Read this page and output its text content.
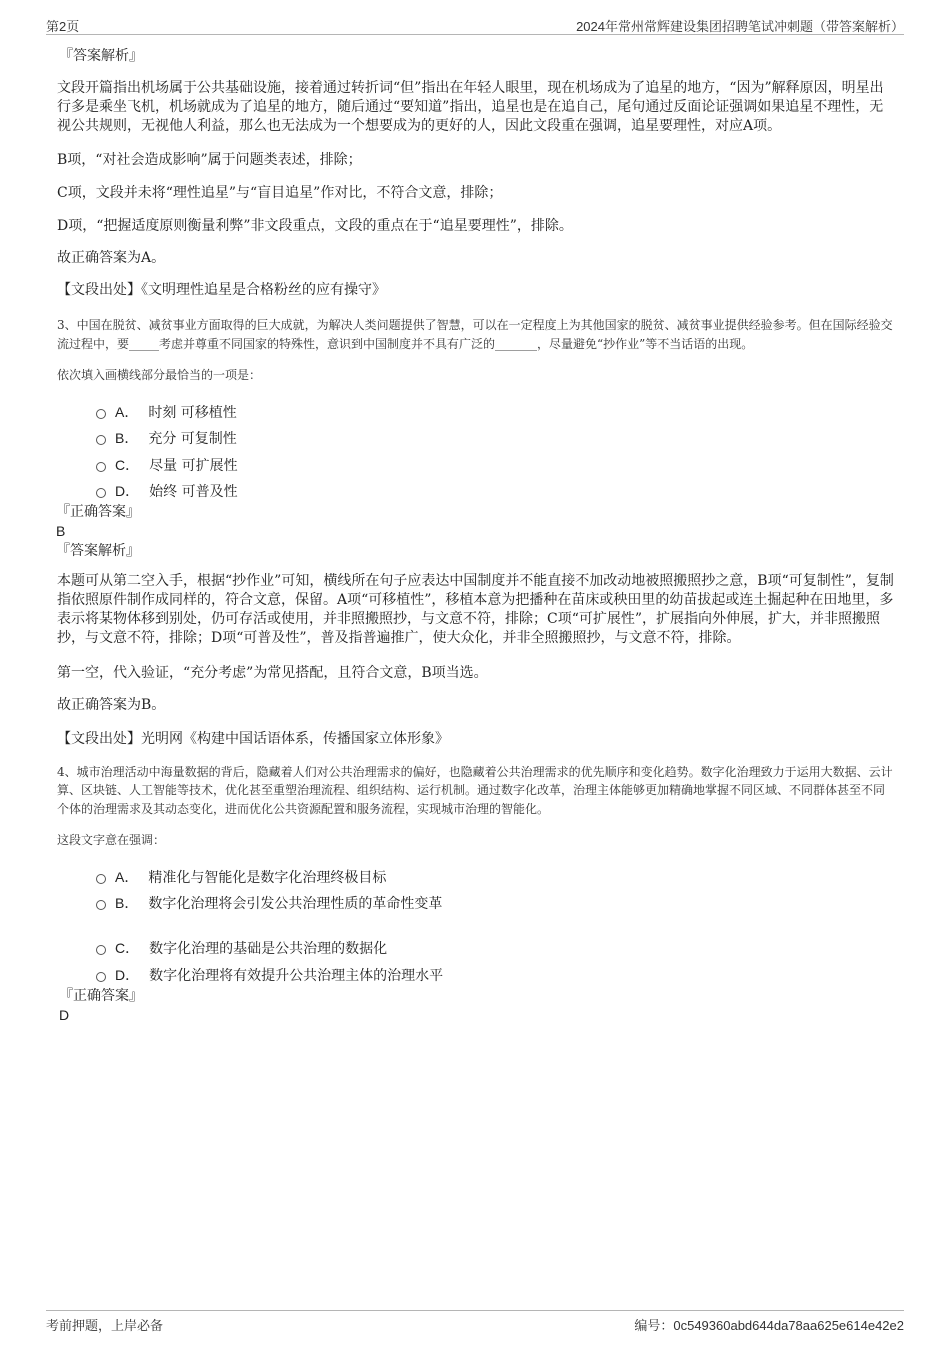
第2页	2024年常州常辉建设集团招聘笔试冲刺题（带答案解析）
『答案解析』
文段开篇指出机场属于公共基础设施，接着通过转折词“但”指出在年轻人眼里，现在机场成为了追星的地方，“因为”解释原因，明星出行多是乘坐飞机，机场就成为了追星的地方，随后通过“要知道”指出，追星也是在追自己，尾句通过反面论证强调如果追星不理性，无视公共规则，无视他人利益，那么也无法成为一个想要成为的更好的人，因此文段重在强调，追星要理性，对应A项。
B项，“对社会造成影响”属于问题类表述，排除；
C项，文段并未将“理性追星”与“盲目追星”作对比，不符合文意，排除；
D项，“把握适度原则衡量利弊”非文段重点，文段的重点在于“追星要理性”，排除。
故正确答案为A。
【文段出处】《文明理性追星是合格粉丝的应有操守》
3、中国在脱贫、减贫事业方面取得的巨大成就，为解决人类问题提供了智慧，可以在一定程度上为其他国家的脱贫、减贫事业提供经验参考。但在国际经验交流过程中，要_____考虑并尊重不同国家的特殊性，意识到中国制度并不具有广泛的_______，尽量避免“抄作业”等不当话语的出现。
依次填入画横线部分最恰当的一项是：
A． 时刻 可移植性
B． 充分 可复制性
C． 尽量 可扩展性
D． 始终 可普及性
『正确答案』
B
『答案解析』
本题可从第二空入手，根据“抄作业”可知，横线所在句子应表达中国制度并不能直接不加改动地被照搬照抄之意，B项“可复制性”，复制指依照原件制作成同样的，符合文意，保留。A项“可移植性”，移植本意为把播种在苗床或秧田里的幼苗拔起或连土掘起种在田地里，多表示将某物体移到别处，仍可存活或使用，并非照搬照抄，与文意不符，排除；C项“可扩展性”，扩展指向外伸展，扩大，并非照搬照抄，与文意不符，排除；D项“可普及性”，普及指普遍推广，使大众化，并非全照搬照抄，与文意不符，排除。
第一空，代入验证，“充分考虑”为常见搭配，且符合文意，B项当选。
故正确答案为B。
【文段出处】光明网《构建中国话语体系，传播国家立体形象》
4、城市治理活动中海量数据的背后，隐藏着人们对公共治理需求的偏好，也隐藏着公共治理需求的优先顺序和变化趋势。数字化治理致力于运用大数据、云计算、区块链、人工智能等技术，优化甚至重塑治理流程、组织结构、运行机制。通过数字化改革，治理主体能够更加精确地掌握不同区域、不同群体甚至不同个体的治理需求及其动态变化，进而优化公共资源配置和服务流程，实现城市治理的智能化。
这段文字意在强调：
A． 精准化与智能化是数字化治理终极目标
B． 数字化治理将会引发公共治理性质的革命性变革
C． 数字化治理的基础是公共治理的数据化
D． 数字化治理将有效提升公共治理主体的治理水平
『正确答案』
D
考前押题，上岸必备	编号：0c549360abd644da78aa625e614e42e2
